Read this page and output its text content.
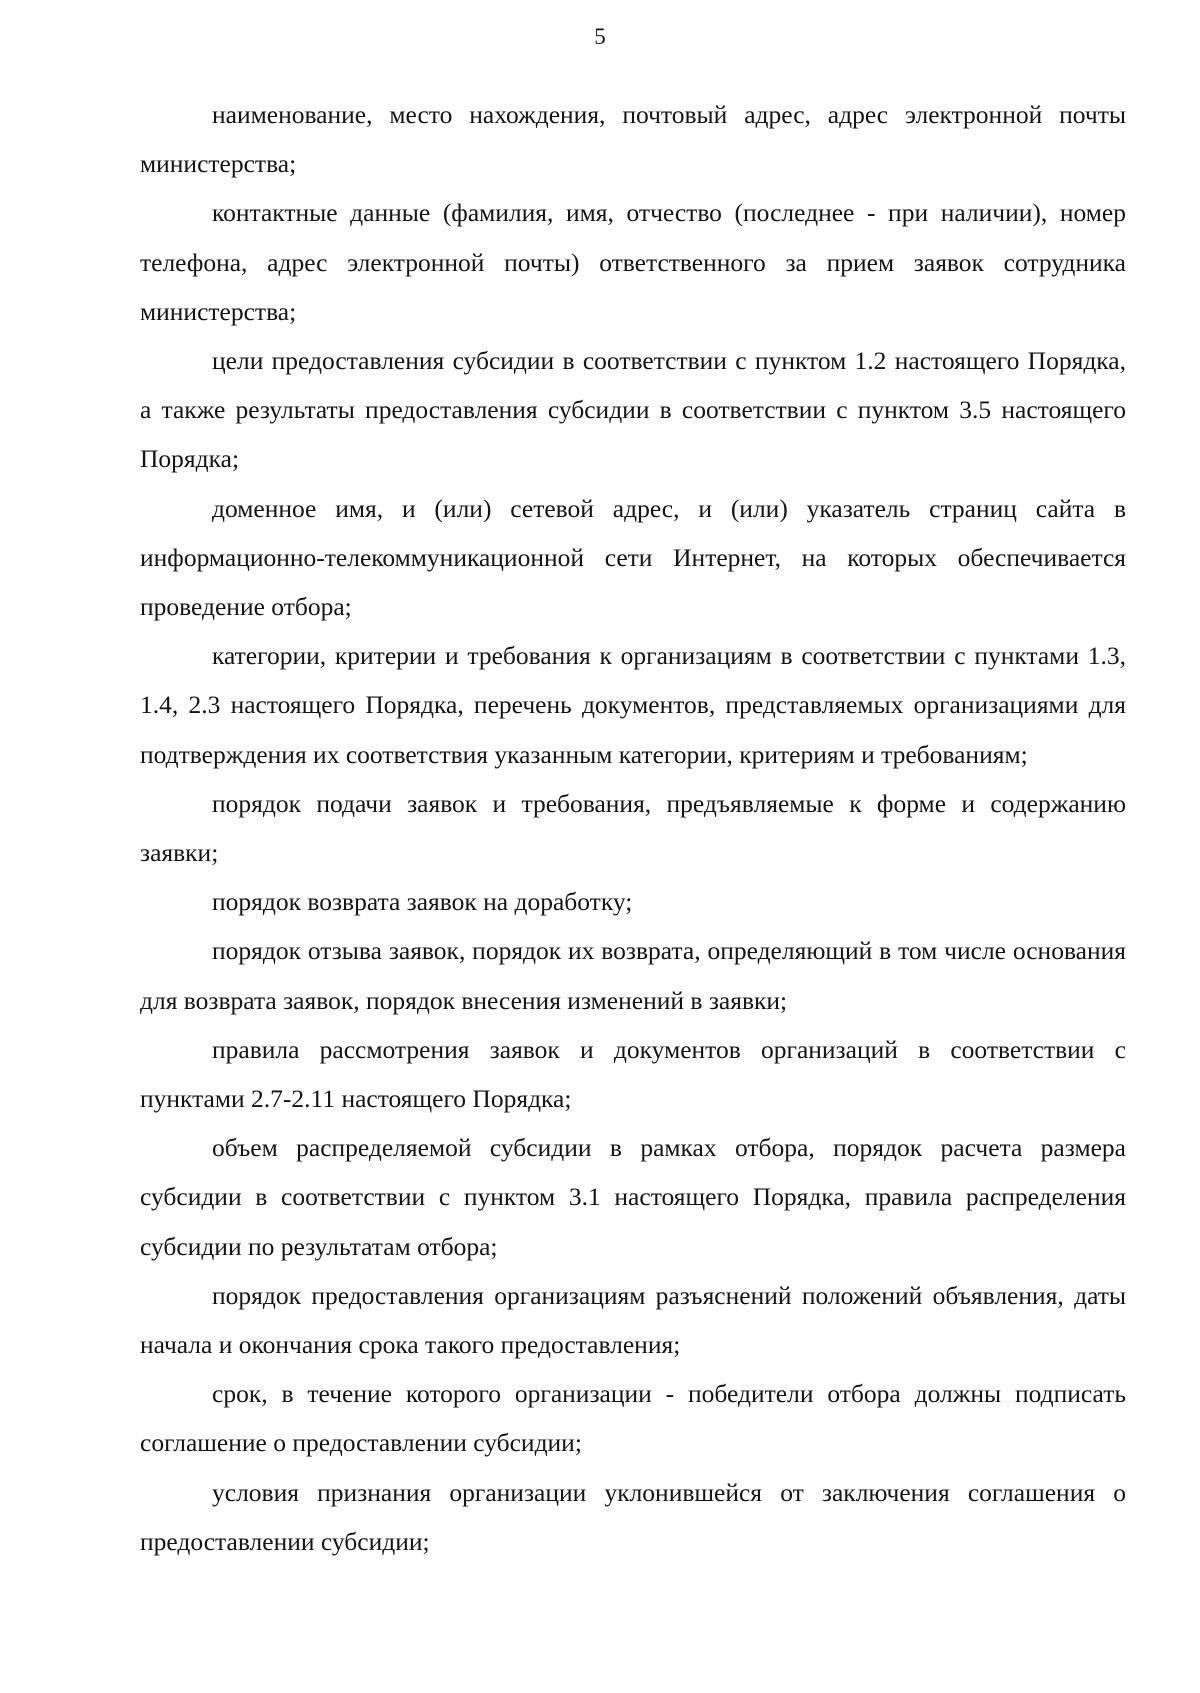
5

наименование, место нахождения, почтовый адрес, адрес электронной почты министерства;

контактные данные (фамилия, имя, отчество (последнее - при наличии), номер телефона, адрес электронной почты) ответственного за прием заявок сотрудника министерства;

цели предоставления субсидии в соответствии с пунктом 1.2 настоящего Порядка, а также результаты предоставления субсидии в соответствии с пунктом 3.5 настоящего Порядка;

доменное имя, и (или) сетевой адрес, и (или) указатель страниц сайта в информационно-телекоммуникационной сети Интернет, на которых обеспечивается проведение отбора;

категории, критерии и требования к организациям в соответствии с пунктами 1.3, 1.4, 2.3 настоящего Порядка, перечень документов, представляемых организациями для подтверждения их соответствия указанным категории, критериям и требованиям;

порядок подачи заявок и требования, предъявляемые к форме и содержанию заявки;

порядок возврата заявок на доработку;

порядок отзыва заявок, порядок их возврата, определяющий в том числе основания для возврата заявок, порядок внесения изменений в заявки;

правила рассмотрения заявок и документов организаций в соответствии с пунктами 2.7-2.11 настоящего Порядка;

объем распределяемой субсидии в рамках отбора, порядок расчета размера субсидии в соответствии с пунктом 3.1 настоящего Порядка, правила распределения субсидии по результатам отбора;

порядок предоставления организациям разъяснений положений объявления, даты начала и окончания срока такого предоставления;

срок, в течение которого организации - победители отбора должны подписать соглашение о предоставлении субсидии;

условия признания организации уклонившейся от заключения соглашения о предоставлении субсидии;
